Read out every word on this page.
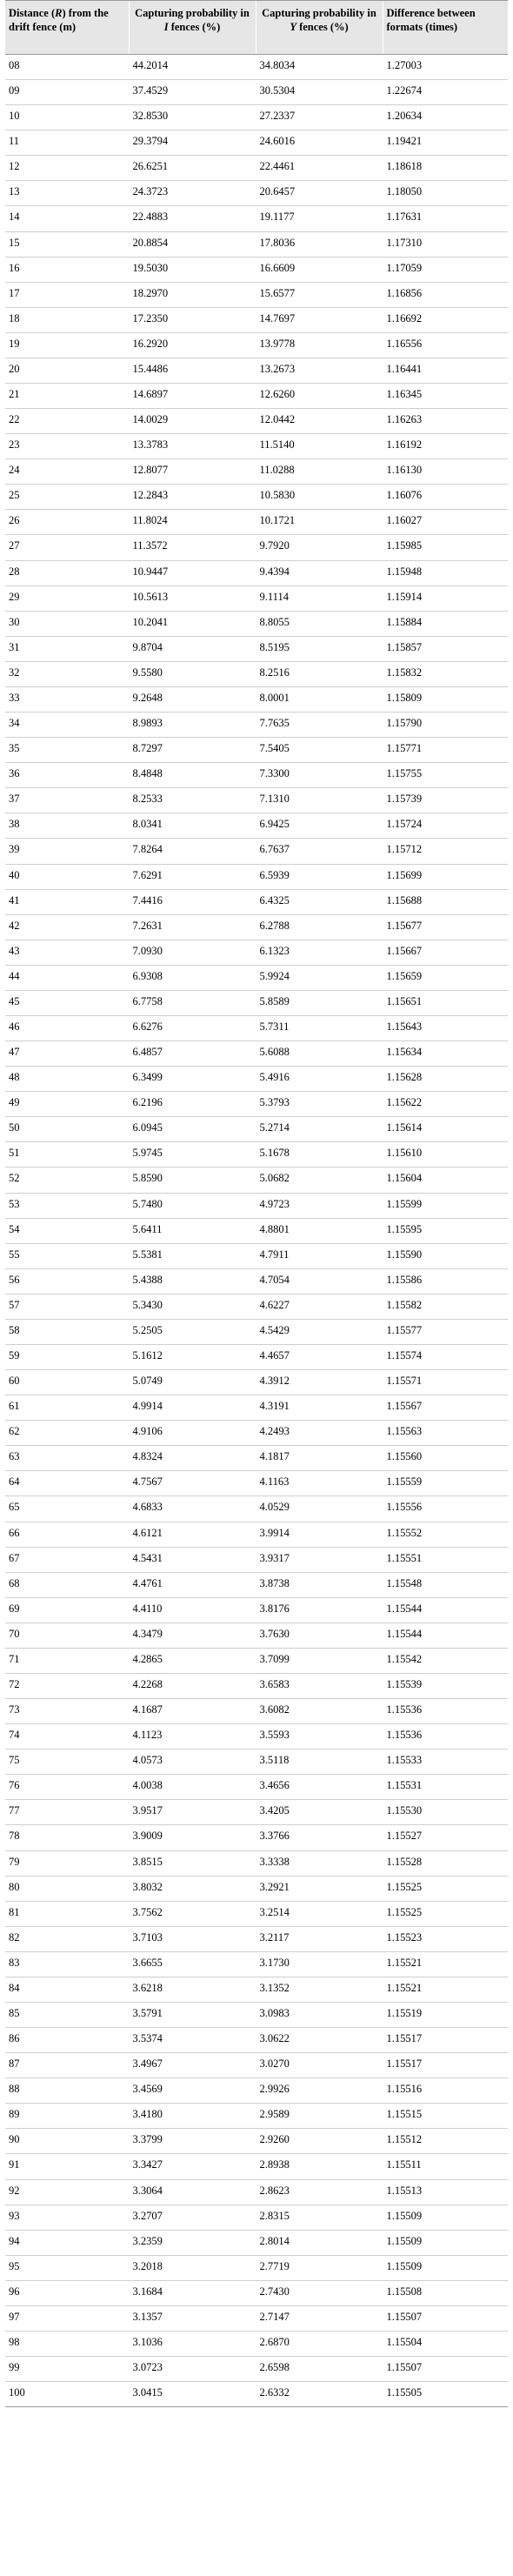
Distance (R) from the drift fence (m)	Capturing probability in I fences (%)	Capturing probability in Y fences (%)	Difference between formats (times)
08	44.2014	34.8034	1.27003
09	37.4529	30.5304	1.22674
10	32.8530	27.2337	1.20634
11	29.3794	24.6016	1.19421
12	26.6251	22.4461	1.18618
13	24.3723	20.6457	1.18050
14	22.4883	19.1177	1.17631
15	20.8854	17.8036	1.17310
16	19.5030	16.6609	1.17059
17	18.2970	15.6577	1.16856
18	17.2350	14.7697	1.16692
19	16.2920	13.9778	1.16556
20	15.4486	13.2673	1.16441
21	14.6897	12.6260	1.16345
22	14.0029	12.0442	1.16263
23	13.3783	11.5140	1.16192
24	12.8077	11.0288	1.16130
25	12.2843	10.5830	1.16076
26	11.8024	10.1721	1.16027
27	11.3572	9.7920	1.15985
28	10.9447	9.4394	1.15948
29	10.5613	9.1114	1.15914
30	10.2041	8.8055	1.15884
31	9.8704	8.5195	1.15857
32	9.5580	8.2516	1.15832
33	9.2648	8.0001	1.15809
34	8.9893	7.7635	1.15790
35	8.7297	7.5405	1.15771
36	8.4848	7.3300	1.15755
37	8.2533	7.1310	1.15739
38	8.0341	6.9425	1.15724
39	7.8264	6.7637	1.15712
40	7.6291	6.5939	1.15699
41	7.4416	6.4325	1.15688
42	7.2631	6.2788	1.15677
43	7.0930	6.1323	1.15667
44	6.9308	5.9924	1.15659
45	6.7758	5.8589	1.15651
46	6.6276	5.7311	1.15643
47	6.4857	5.6088	1.15634
48	6.3499	5.4916	1.15628
49	6.2196	5.3793	1.15622
50	6.0945	5.2714	1.15614
51	5.9745	5.1678	1.15610
52	5.8590	5.0682	1.15604
53	5.7480	4.9723	1.15599
54	5.6411	4.8801	1.15595
55	5.5381	4.7911	1.15590
56	5.4388	4.7054	1.15586
57	5.3430	4.6227	1.15582
58	5.2505	4.5429	1.15577
59	5.1612	4.4657	1.15574
60	5.0749	4.3912	1.15571
61	4.9914	4.3191	1.15567
62	4.9106	4.2493	1.15563
63	4.8324	4.1817	1.15560
64	4.7567	4.1163	1.15559
65	4.6833	4.0529	1.15556
66	4.6121	3.9914	1.15552
67	4.5431	3.9317	1.15551
68	4.4761	3.8738	1.15548
69	4.4110	3.8176	1.15544
70	4.3479	3.7630	1.15544
71	4.2865	3.7099	1.15542
72	4.2268	3.6583	1.15539
73	4.1687	3.6082	1.15536
74	4.1123	3.5593	1.15536
75	4.0573	3.5118	1.15533
76	4.0038	3.4656	1.15531
77	3.9517	3.4205	1.15530
78	3.9009	3.3766	1.15527
79	3.8515	3.3338	1.15528
80	3.8032	3.2921	1.15525
81	3.7562	3.2514	1.15525
82	3.7103	3.2117	1.15523
83	3.6655	3.1730	1.15521
84	3.6218	3.1352	1.15521
85	3.5791	3.0983	1.15519
86	3.5374	3.0622	1.15517
87	3.4967	3.0270	1.15517
88	3.4569	2.9926	1.15516
89	3.4180	2.9589	1.15515
90	3.3799	2.9260	1.15512
91	3.3427	2.8938	1.15511
92	3.3064	2.8623	1.15513
93	3.2707	2.8315	1.15509
94	3.2359	2.8014	1.15509
95	3.2018	2.7719	1.15509
96	3.1684	2.7430	1.15508
97	3.1357	2.7147	1.15507
98	3.1036	2.6870	1.15504
99	3.0723	2.6598	1.15507
100	3.0415	2.6332	1.15505
